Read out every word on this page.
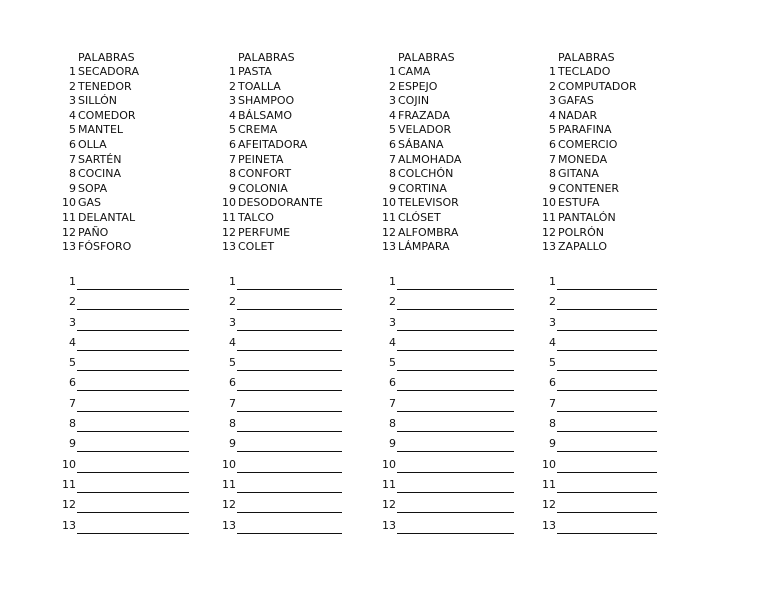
PALABRAS
1 SECADORA
2 TENEDOR
3 SILLÓN
4 COMEDOR
5 MANTEL
6 OLLA
7 SARTÉN
8 COCINA
9 SOPA
10 GAS
11 DELANTAL
12 PAÑO
13 FÓSFORO
PALABRAS
1 PASTA
2 TOALLA
3 SHAMPOO
4 BÁLSAMO
5 CREMA
6 AFEITADORA
7 PEINETA
8 CONFORT
9 COLONIA
10 DESODORANTE
11 TALCO
12 PERFUME
13 COLET
PALABRAS
1 CAMA
2 ESPEJO
3 COJIN
4 FRAZADA
5 VELADOR
6 SÁBANA
7 ALMOHADA
8 COLCHÓN
9 CORTINA
10 TELEVISOR
11 CLÓSET
12 ALFOMBRA
13 LÁMPARA
PALABRAS
1 TECLADO
2 COMPUTADOR
3 GAFAS
4 NADAR
5 PARAFINA
6 COMERCIO
7 MONEDA
8 GITANA
9 CONTENER
10 ESTUFA
11 PANTALÓN
12 POLRÓN
13 ZAPALLO
1
2
3
4
5
6
7
8
9
10
11
12
13
1
2
3
4
5
6
7
8
9
10
11
12
13
1
2
3
4
5
6
7
8
9
10
11
12
13
1
2
3
4
5
6
7
8
9
10
11
12
13
